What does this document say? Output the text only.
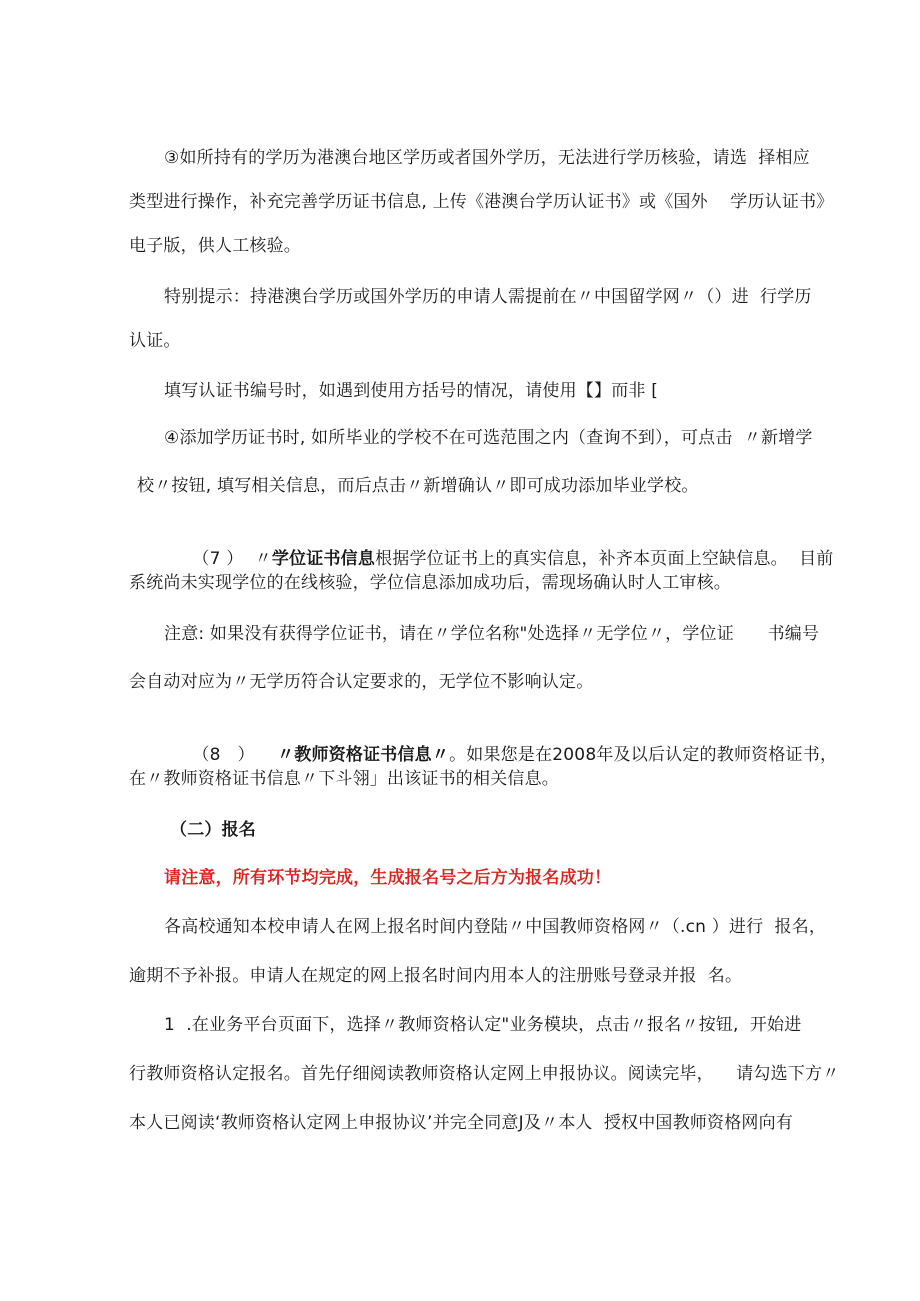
③如所持有的学历为港澳台地区学历或者国外学历，无法进行学历核验，请选  择相应
类型进行操作，补充完善学历证书信息, 上传《港澳台学历认证书》或《国外    学历认证书》
电子版，供人工核验。
特别提示：持港澳台学历或国外学历的申请人需提前在〃中国留学网〃（）进  行学历
认证。
填写认证书编号时，如遇到使用方括号的情况，请使用【】而非 [
④添加学历证书时, 如所毕业的学校不在可选范围之内（查询不到），可点击  〃新增学
校〃按钮, 填写相关信息，而后点击〃新增确认〃即可成功添加毕业学校。

（7 ）  〃学位证书信息根据学位证书上的真实信息，补齐本页面上空缺信息。  目前

系统尚未实现学位的在线核验，学位信息添加成功后，需现场确认时人工审核。
注意: 如果没有获得学位证书，请在〃学位名称"处选择〃无学位〃，学位证      书编号
会自动对应为〃无学历符合认定要求的，无学位不影响认定。

（8   ）    〃教师资格证书信息〃。如果您是在2008年及以后认定的教师资格证书，

在〃教师资格证书信息〃下斗翎」出该证书的相关信息。
（二）报名
请注意，所有环节均完成，生成报名号之后方为报名成功！
各高校通知本校申请人在网上报名时间内登陆〃中国教师资格网〃（.cn ）进行  报名，
逾期不予补报。申请人在规定的网上报名时间内用本人的注册账号登录并报  名。
1  .在业务平台页面下，选择〃教师资格认定"业务模块，点击〃报名〃按钮,  开始进
行教师资格认定报名。首先仔细阅读教师资格认定网上申报协议。阅读完毕，    请勾选下方〃
本人已阅读‘教师资格认定网上申报协议’并完全同意J及〃本人  授权中国教师资格网向有
